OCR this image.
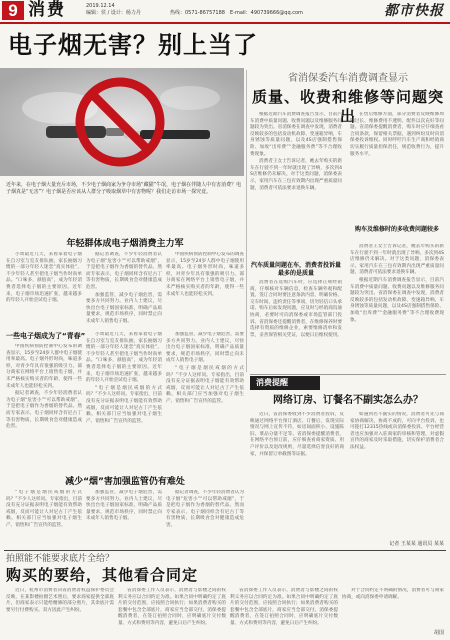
9 消费	2019.12.14
编辑：侯 / 设计：杨力丹	热线：0571-86757188　E-mail：490739666@qq.com	都市快报
电子烟无害？别上当了
省消保委汽车消费调查显示
质量、收费和维修等问题突出

根据近期汽车消费调查报告显示，目前汽车消费中质量问题、收费问题以及维修服务问题较为突出。省消保委在调查中发现，消费者反映较多的包括发动机故障、变速箱异响、车身锈蚀等质量问题，以及4S店强制搭售保险、加收“出库费”“金融服务费”等不合理收费现象。

消费者王女士告诉记者，她去年购买的新车在行驶不到一年时就出现了异响，多次到4S店维修仍未解决。对于这类问题，消保委表示，家用汽车在三包有效期内出现严重质量问题，消费者可依法要求退换车辆。

在售后维修方面，部分消费者反映维修周期过长、维修费用不透明、配件以次充好等问题。省消保委提醒消费者，购车时应仔细查看合同条款，保留相关票据，遇到纠纷及时向消保委投诉维权。同时呼吁汽车生产商和经销商切实履行质量担保责任，规范收费行为，提升服务水平。

汽车质量问题在车，消费者投诉量最多的是质量

消费者在选购汽车时，应选择正规经销商，仔细核对车辆信息，检查车辆外观和配置。签订合同时要注意条款内容，明确价格、交车时间、违约责任等事项，切勿轻信口头承诺。购车后如发现问题，应及时与经销商沟通协商，必要时可向消保委或市场监管部门投诉。省消保委还提醒消费者，在维修保养时要选择有资质的维修企业，索要维修清单和发票，妥善保管相关凭证，以便日后维权使用。

购车及维修时的多收费问题较多

消费者王女士告诉记者，她去年购买的新车在行驶不到一年时就出现了异响，多次到4S店维修仍未解决。对于这类问题，消保委表示，家用汽车在三包有效期内出现严重质量问题，消费者可依法要求退换车辆。

根据近期汽车消费调查报告显示，目前汽车消费中质量问题、收费问题以及维修服务问题较为突出。省消保委在调查中发现，消费者反映较多的包括发动机故障、变速箱异响、车身锈蚀等质量问题，以及4S店强制搭售保险、加收“出库费”“金融服务费”等不合理收费现象。

近年来，在电子烟大量充斥市场，不少电子烟商家为争夺市场“藏猫”牛氓，电子烟在伴随人中有害消费？电子烟真是“无害”？电子烟是否应该从人群分子吸取烟草中有害物呢？我们走访市场一探究竟。
年轻群体成电子烟消费主力军

小周最近几天，来看拿着电子烟在自习室与室友排队抽，家长抽烟习惯的一部分年轻人迷恋“真实体验”，不少年轻人甚至把电子烟当作时尚单品。“口味多，颜值高”，成为年轻消费者选择电子烟的主要原因。近年来，电子烟市场迅速扩张，越来越多的年轻人开始尝试电子烟。

据记者调查，不少年轻消费者认为电子烟“危害小”“可以帮助戒烟”，于是把电子烟作为香烟的替代品。然而专家表示，电子烟同样含有尼古丁等有害物质，长期吸食会对健康造成危害。

加强监管，减少电子烟危害，需要多方共同努力。业内人士建议，尽快出台电子烟国家标准，明确产品质量要求，规范市场秩序，同时禁止向未成年人销售电子烟。

中国疾病预防控制中心发布的调查显示，15岁至24岁人群中电子烟使用率最高。电子烟外形时尚，味道多样，对青少年具有很强的吸引力。部分商家在网络平台上销售电子烟，并未严格核实购买者的年龄，使得一些未成年人也能轻松买到。

一些电子烟成为了“青春”

中国疾病预防控制中心发布的调查显示，15岁至24岁人群中电子烟使用率最高。电子烟外形时尚，味道多样，对青少年具有很强的吸引力。部分商家在网络平台上销售电子烟，并未严格核实购买者的年龄，使得一些未成年人也能轻松买到。

据记者调查，不少年轻消费者认为电子烟“危害小”“可以帮助戒烟”，于是把电子烟作为香烟的替代品。然而专家表示，电子烟同样含有尼古丁等有害物质，长期吸食会对健康造成危害。

小周最近几天，来看拿着电子烟在自习室与室友排队抽，家长抽烟习惯的一部分年轻人迷恋“真实体验”，不少年轻人甚至把电子烟当作时尚单品。“口味多，颜值高”，成为年轻消费者选择电子烟的主要原因。近年来，电子烟市场迅速扩张，越来越多的年轻人开始尝试电子烟。

“电子烟是烟民戒烟的方式吗？”不少人这样问。专家指出，目前没有充分证据表明电子烟能有效帮助戒烟，反而可能让人对尼古丁产生依赖。相关部门应当加强对电子烟生产、销售和广告宣传的监管。

加强监管，减少电子烟危害，需要多方共同努力。业内人士建议，尽快出台电子烟国家标准，明确产品质量要求，规范市场秩序，同时禁止向未成年人销售电子烟。

“电子烟是烟民戒烟的方式吗？”不少人这样问。专家指出，目前没有充分证据表明电子烟能有效帮助戒烟，反而可能让人对尼古丁产生依赖。相关部门应当加强对电子烟生产、销售和广告宣传的监管。

减少“烟”害加强监管仍有难处

“电子烟是烟民戒烟的方式吗？”不少人这样问。专家指出，目前没有充分证据表明电子烟能有效帮助戒烟，反而可能让人对尼古丁产生依赖。相关部门应当加强对电子烟生产、销售和广告宣传的监管。

加强监管，减少电子烟危害，需要多方共同努力。业内人士建议，尽快出台电子烟国家标准，明确产品质量要求，规范市场秩序，同时禁止向未成年人销售电子烟。

据记者调查，不少年轻消费者认为电子烟“危害小”“可以帮助戒烟”，于是把电子烟作为香烟的替代品。然而专家表示，电子烟同样含有尼古丁等有害物质，长期吸食会对健康造成危害。

消费提醒
网络订房、订餐名不副实怎么办？

近日，省消保委收到不少消费者投诉，反映通过网络平台预订酒店、订餐后，发现实际情况与网上宣传不符，如房间面积小、设施陈旧、菜品分量不足等。省消保委提醒消费者，在网络平台预订前，应仔细查看商家资质、用户评价以及退改规则，尽量选择信誉良好的商家，并保留订单截图等证据。

如遇到名不副实的情况，消费者可先与商家协商解决，协商不成的，可向平台投诉，也可拨打12315热线或向消保委投诉。平台经营者也应加强对入驻商家的审核和管理，对虚假宣传的商家及时采取措施，切实保护消费者合法权益。

记者 王某某 通讯员 某某
拍照能不能要求底片全给？
购买的要给，其他看合同定

近日，杭州市消费者向省消费者权益保护委员会反映，在某影楼拍摄艺术照后，要求商家提供全部底片，但商家表示只能给精修的部分照片，其余底片需要另行付费购买。双方因此产生纠纷。

省消保委工作人员表示，消费者与影楼之间的权利义务应以合同约定为准。如果合同中明确约定了底片的交付范围，应按照合同执行；如果消费者购买的套餐中包含全部底片，商家应当全部交付。消保委提醒消费者，在签订拍照合同时，应明确底片交付数量、方式和费用等内容，避免日后产生纠纷。

省消保委工作人员表示，消费者与影楼之间的权利义务应以合同约定为准。如果合同中明确约定了底片的交付范围，应按照合同执行；如果消费者购买的套餐中包含全部底片，商家应当全部交付。消保委提醒消费者，在签订拍照合同时，应明确底片交付数量、方式和费用等内容，避免日后产生纠纷。

对于合同约定不明确的情况，消费者可与商家协商，或向消保委申请调解。

胡国
